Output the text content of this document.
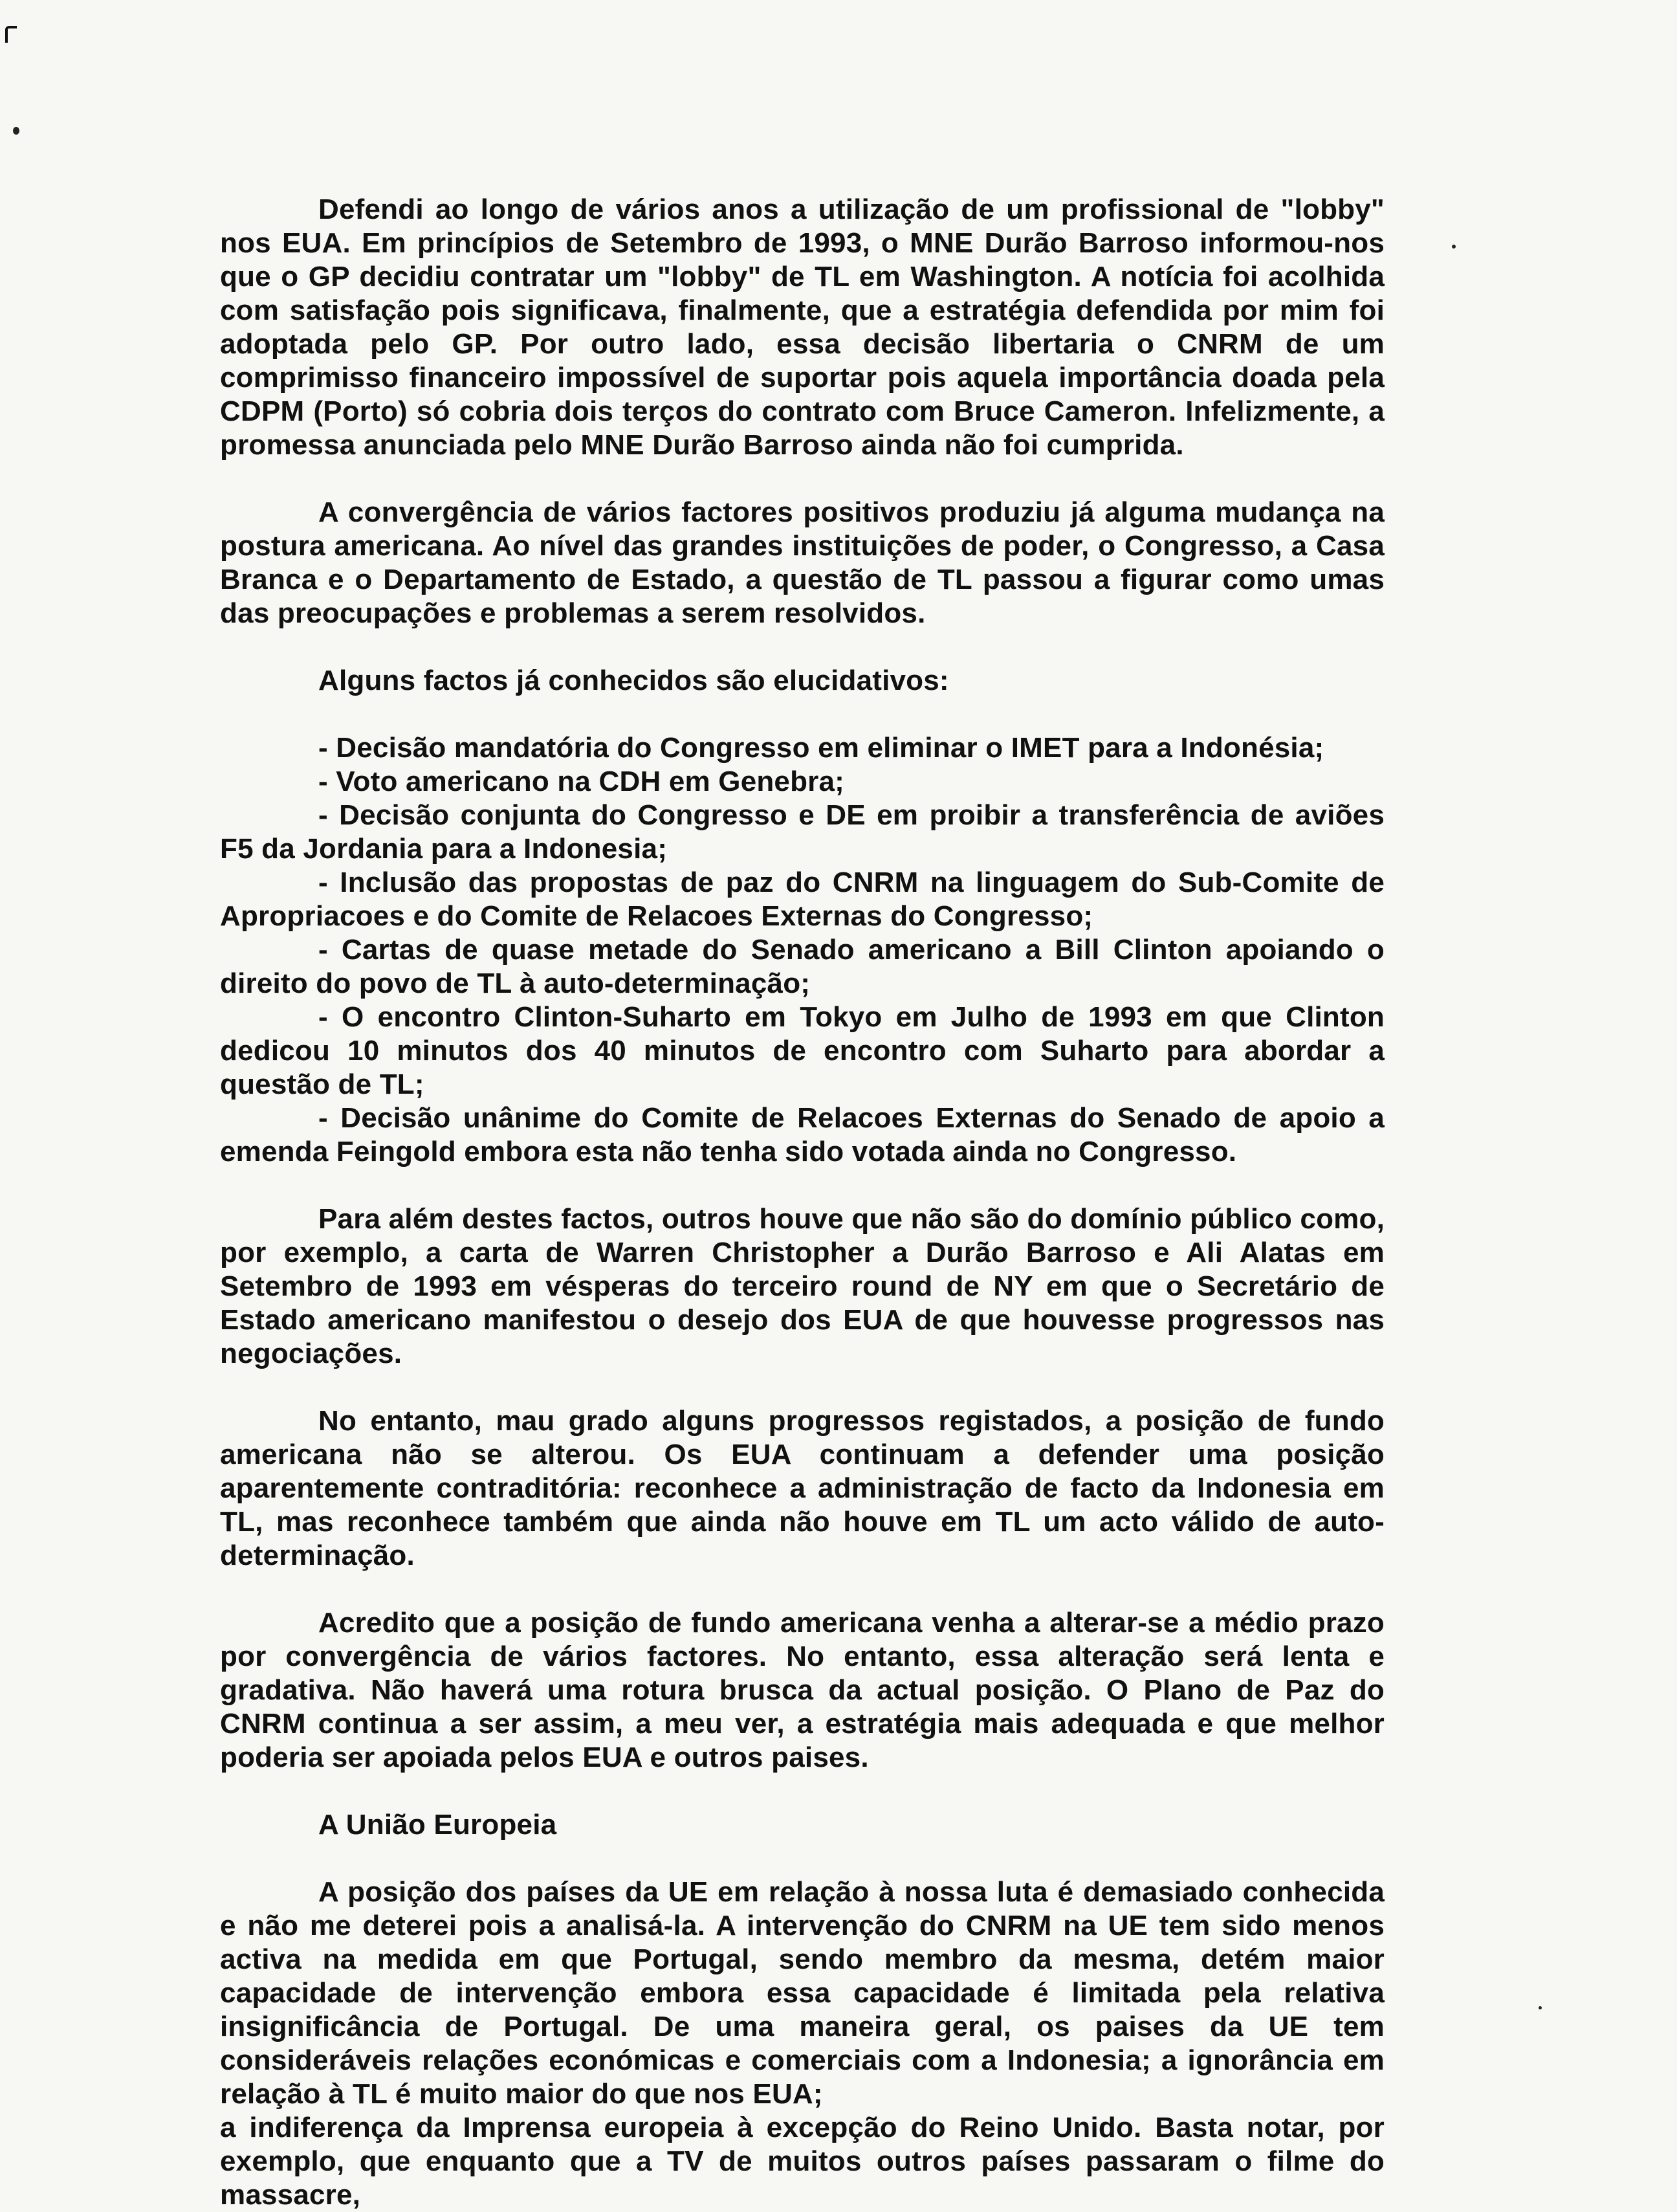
Defendi ao longo de vários anos a utilização de um profissional de "lobby" nos EUA. Em princípios de Setembro de 1993, o MNE Durão Barroso informou-nos que o GP decidiu contratar um "lobby" de TL em Washington. A notícia foi acolhida com satisfação pois significava, finalmente, que a estratégia defendida por mim foi adoptada pelo GP. Por outro lado, essa decisão libertaria o CNRM de um comprimisso financeiro impossível de suportar pois aquela importância doada pela CDPM (Porto) só cobria dois terços do contrato com Bruce Cameron. Infelizmente, a promessa anunciada pelo MNE Durão Barroso ainda não foi cumprida.

A convergência de vários factores positivos produziu já alguma mudança na postura americana. Ao nível das grandes instituições de poder, o Congresso, a Casa Branca e o Departamento de Estado, a questão de TL passou a figurar como umas das preocupações e problemas a serem resolvidos.

Alguns factos já conhecidos são elucidativos:

- Decisão mandatória do Congresso em eliminar o IMET para a Indonésia;

- Voto americano na CDH em Genebra;

- Decisão conjunta do Congresso e DE em proibir a transferência de aviões F5 da Jordania para a Indonesia;

- Inclusão das propostas de paz do CNRM na linguagem do Sub-Comite de Apropriacoes e do Comite de Relacoes Externas do Congresso;

- Cartas de quase metade do Senado americano a Bill Clinton apoiando o direito do povo de TL à auto-determinação;

- O encontro Clinton-Suharto em Tokyo em Julho de 1993 em que Clinton dedicou 10 minutos dos 40 minutos de encontro com Suharto para abordar a questão de TL;

- Decisão unânime do Comite de Relacoes Externas do Senado de apoio a emenda Feingold embora esta não tenha sido votada ainda no Congresso.

Para além destes factos, outros houve que não são do domínio público como, por exemplo, a carta de Warren Christopher a Durão Barroso e Ali Alatas em Setembro de 1993 em vésperas do terceiro round de NY em que o Secretário de Estado americano manifestou o desejo dos EUA de que houvesse progressos nas negociações.

No entanto, mau grado alguns progressos registados, a posição de fundo americana não se alterou. Os EUA continuam a defender uma posição aparentemente contraditória: reconhece a administração de facto da Indonesia em TL, mas reconhece também que ainda não houve em TL um acto válido de auto-determinação.

Acredito que a posição de fundo americana venha a alterar-se a médio prazo por convergência de vários factores. No entanto, essa alteração será lenta e gradativa. Não haverá uma rotura brusca da actual posição. O Plano de Paz do CNRM continua a ser assim, a meu ver, a estratégia mais adequada e que melhor poderia ser apoiada pelos EUA e outros paises.

A União Europeia

A posição dos países da UE em relação à nossa luta é demasiado conhecida e não me deterei pois a analisá-la. A intervenção do CNRM na UE tem sido menos activa na medida em que Portugal, sendo membro da mesma, detém maior capacidade de intervenção embora essa capacidade é limitada pela relativa insignificância de Portugal. De uma maneira geral, os paises da UE tem consideráveis relações económicas e comerciais com a Indonesia; a ignorância em relação à TL é muito maior do que nos EUA;

a indiferença da Imprensa europeia à excepção do Reino Unido. Basta notar, por exemplo, que enquanto que a TV de muitos outros países passaram o filme do massacre,
